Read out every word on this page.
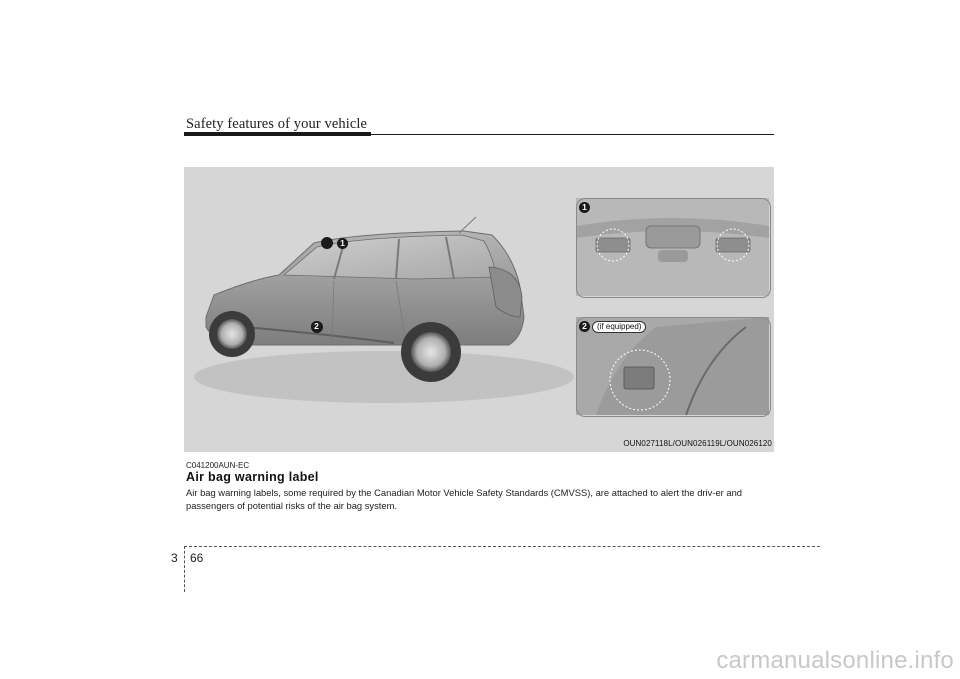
Safety features of your vehicle
1
2
1
2	(if equipped)
OUN027118L/OUN026119L/OUN026120
C041200AUN-EC
Air bag warning label
Air bag warning labels, some required by the Canadian Motor Vehicle Safety Standards (CMVSS), are attached to alert the driv-er and passengers of potential risks of the air bag system.
3 66
carmanualsonline.info
